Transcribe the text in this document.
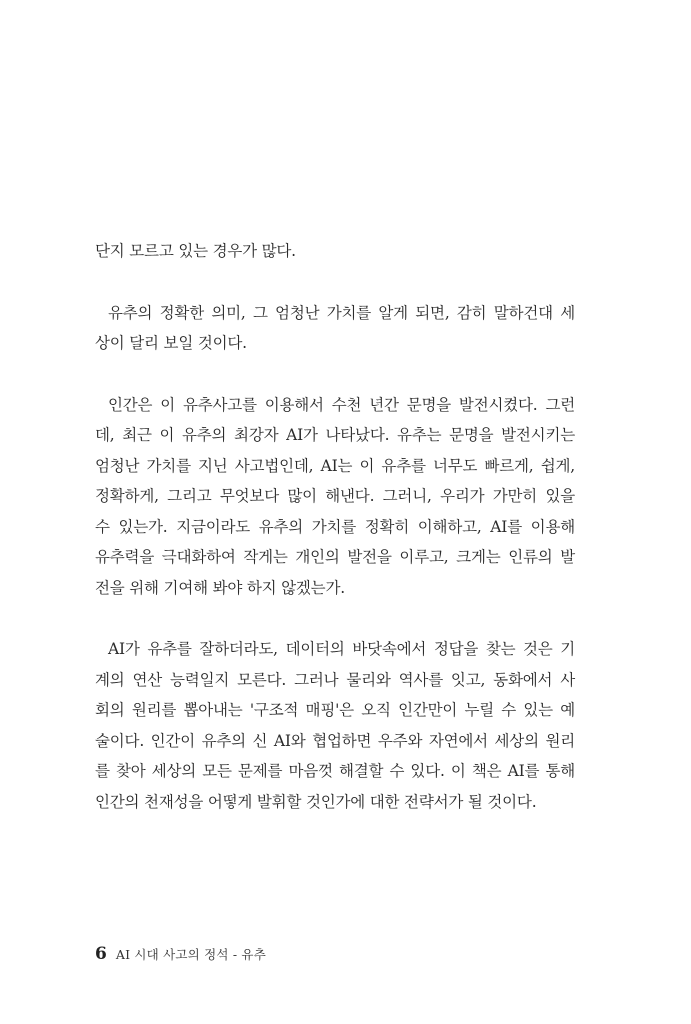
단지 모르고 있는 경우가 많다.
유추의 정확한 의미, 그 엄청난 가치를 알게 되면, 감히 말하건대 세
상이 달리 보일 것이다.
인간은 이 유추사고를 이용해서 수천 년간 문명을 발전시켰다. 그런
데, 최근 이 유추의 최강자 AI가 나타났다. 유추는 문명을 발전시키는
엄청난 가치를 지닌 사고법인데, AI는 이 유추를 너무도 빠르게, 쉽게,
정확하게, 그리고 무엇보다 많이 해낸다. 그러니, 우리가 가만히 있을
수 있는가. 지금이라도 유추의 가치를 정확히 이해하고, AI를 이용해
유추력을 극대화하여 작게는 개인의 발전을 이루고, 크게는 인류의 발
전을 위해 기여해 봐야 하지 않겠는가.
AI가 유추를 잘하더라도, 데이터의 바닷속에서 정답을 찾는 것은 기
계의 연산 능력일지 모른다. 그러나 물리와 역사를 잇고, 동화에서 사
회의 원리를 뽑아내는 '구조적 매핑'은 오직 인간만이 누릴 수 있는 예
술이다. 인간이 유추의 신 AI와 협업하면 우주와 자연에서 세상의 원리
를 찾아 세상의 모든 문제를 마음껏 해결할 수 있다. 이 책은 AI를 통해
인간의 천재성을 어떻게 발휘할 것인가에 대한 전략서가 될 것이다.
6 AI 시대 사고의 정석 - 유추
